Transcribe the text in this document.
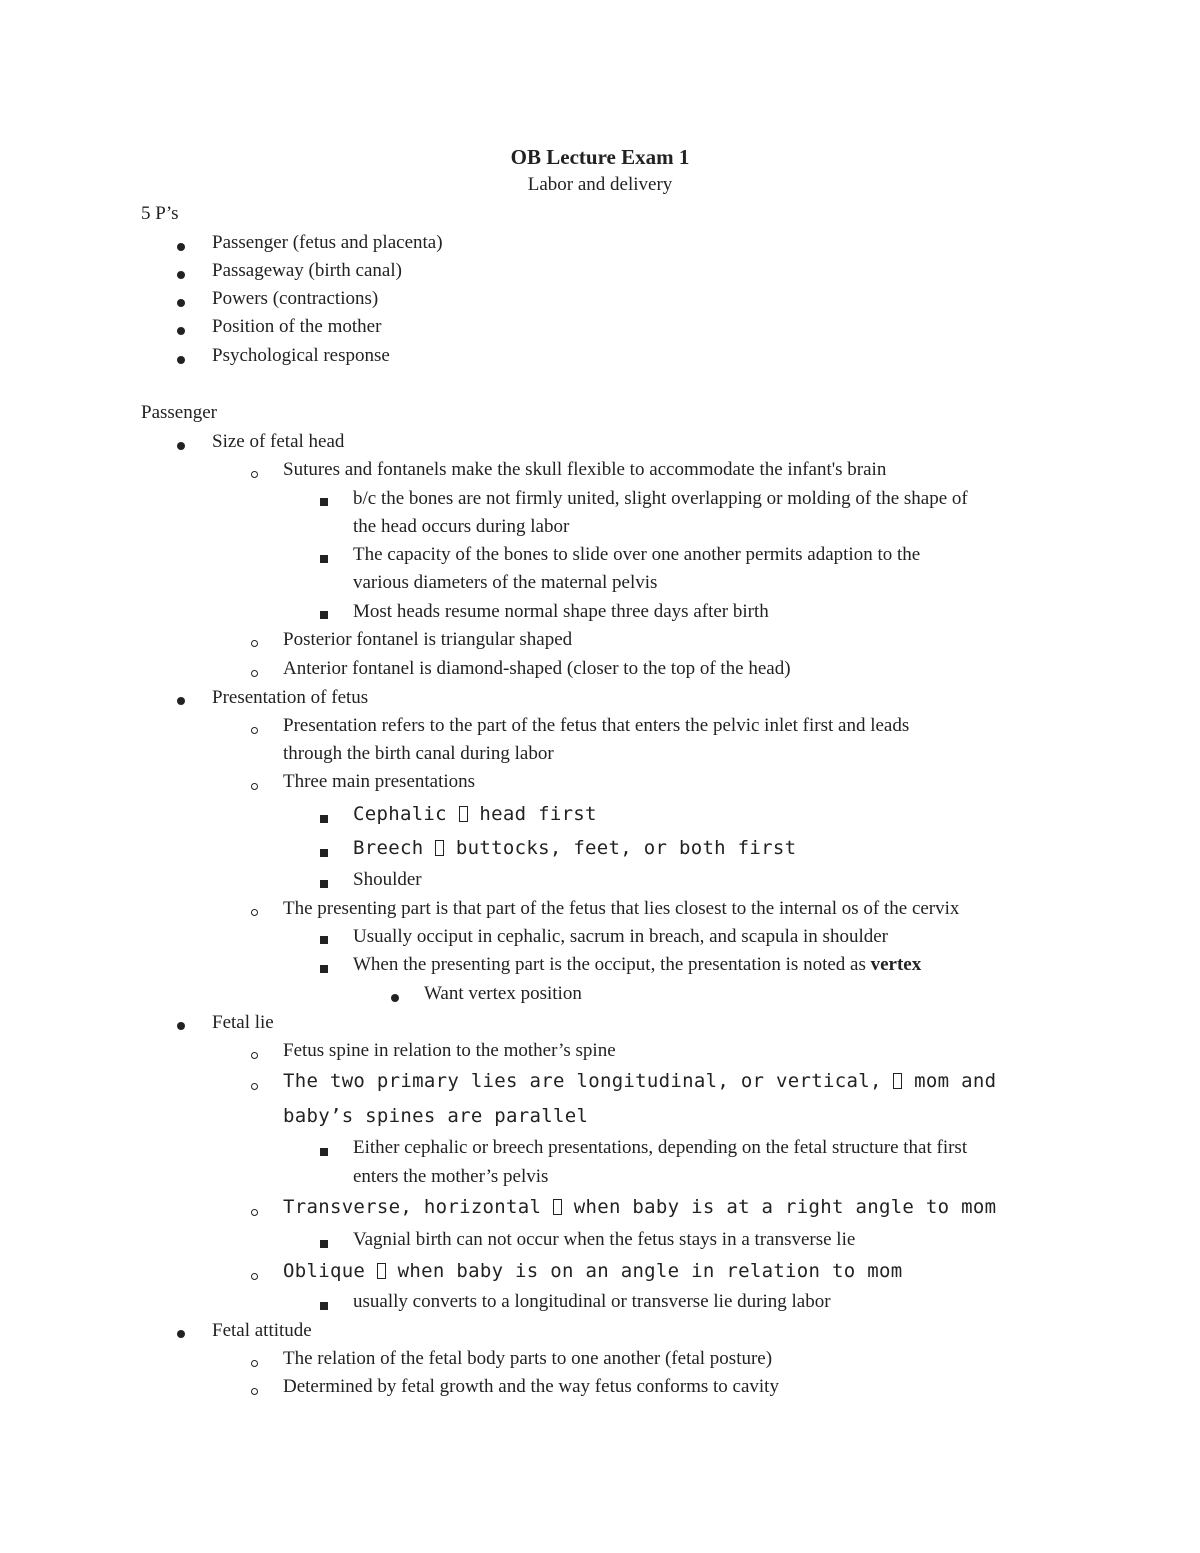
OB Lecture Exam 1
Labor and delivery
5 P’s
Passenger (fetus and placenta)
Passageway (birth canal)
Powers (contractions)
Position of the mother
Psychological response
Passenger
Size of fetal head
Sutures and fontanels make the skull flexible to accommodate the infant's brain
b/c the bones are not firmly united, slight overlapping or molding of the shape of
the head occurs during labor
The capacity of the bones to slide over one another permits adaption to the
various diameters of the maternal pelvis
Most heads resume normal shape three days after birth
Posterior fontanel is triangular shaped
Anterior fontanel is diamond-shaped (closer to the top of the head)
Presentation of fetus
Presentation refers to the part of the fetus that enters the pelvic inlet first and leads
through the birth canal during labor
Three main presentations
Cephalic  head first
Breech  buttocks, feet, or both first
Shoulder
The presenting part is that part of the fetus that lies closest to the internal os of the cervix
Usually occiput in cephalic, sacrum in breach, and scapula in shoulder
When the presenting part is the occiput, the presentation is noted as vertex
Want vertex position
Fetal lie
Fetus spine in relation to the mother’s spine
The two primary lies are longitudinal, or vertical,  mom and
baby’s spines are parallel
Either cephalic or breech presentations, depending on the fetal structure that first
enters the mother’s pelvis
Transverse, horizontal  when baby is at a right angle to mom
Vagnial birth can not occur when the fetus stays in a transverse lie
Oblique  when baby is on an angle in relation to mom
usually converts to a longitudinal or transverse lie during labor
Fetal attitude
The relation of the fetal body parts to one another (fetal posture)
Determined by fetal growth and the way fetus conforms to cavity
